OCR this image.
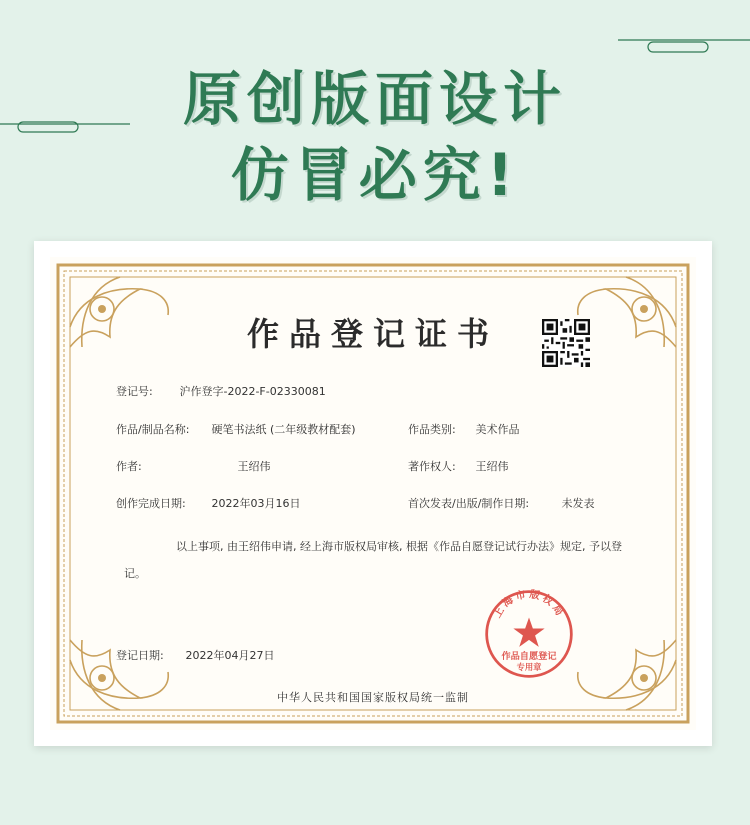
原创版面设计
仿冒必究!
作品登记证书
登记号: 沪作登字-2022-F-02330081
作品/制品名称: 硬笔书法纸 (二年级教材配套)	作品类别: 美术作品
作者:	王绍伟	著作权人: 王绍伟
创作完成日期: 2022年03月16日	首次发表/出版/制作日期:	未发表
以上事项, 由王绍伟申请, 经上海市版权局审核, 根据《作品自愿登记试行办法》规定, 予以登记。
登记日期: 2022年04月27日
上海市版权局
作品自愿登记
专用章
中华人民共和国国家版权局统一监制
